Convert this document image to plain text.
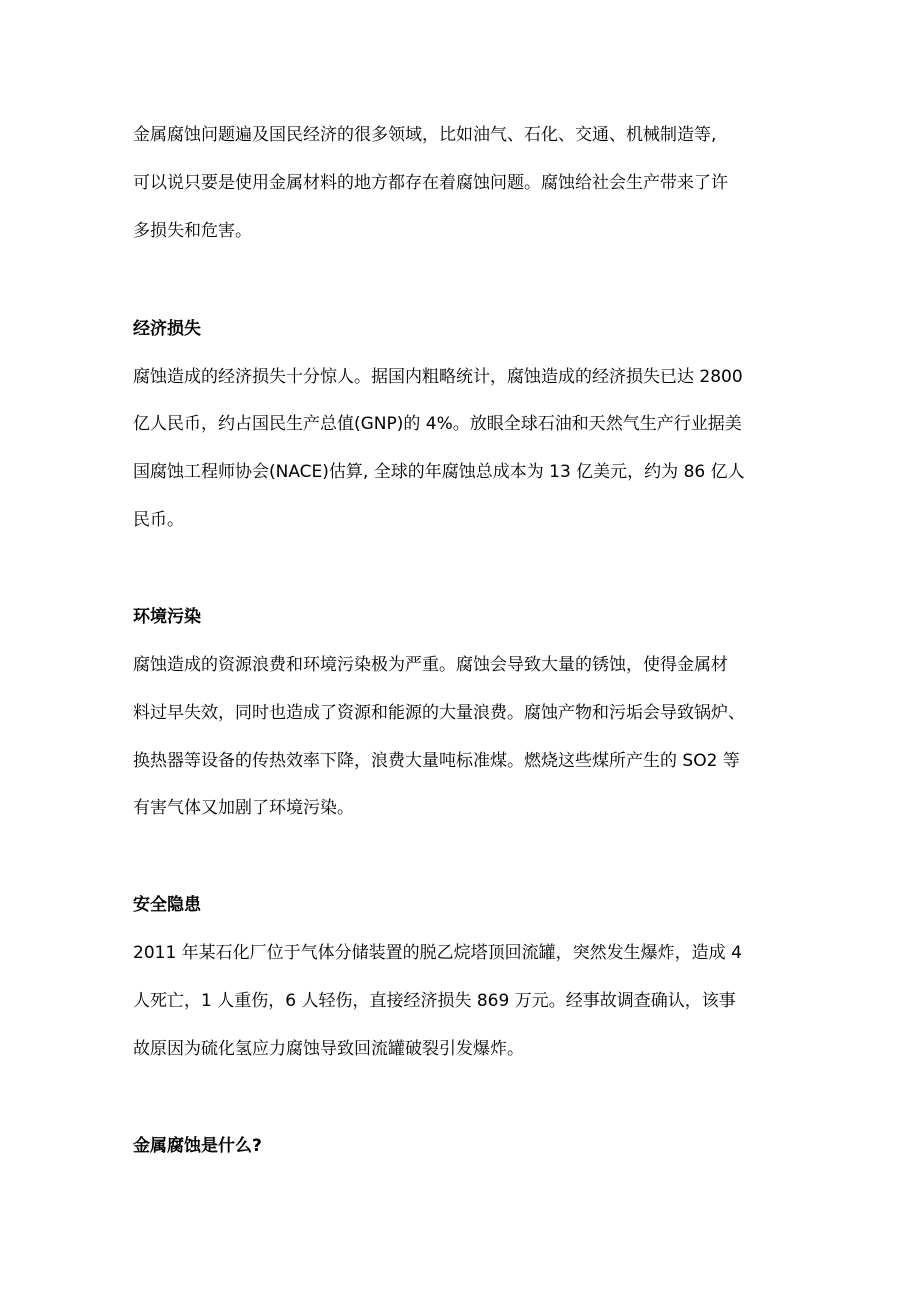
金属腐蚀问题遍及国民经济的很多领域，比如油气、石化、交通、机械制造等,
可以说只要是使用金属材料的地方都存在着腐蚀问题。腐蚀给社会生产带来了许
多损失和危害。
经济损失
腐蚀造成的经济损失十分惊人。据国内粗略统计，腐蚀造成的经济损失已达 2800
亿人民币，约占国民生产总值(GNP)的 4%。放眼全球石油和天然气生产行业据美
国腐蚀工程师协会(NACE)估算, 全球的年腐蚀总成本为 13 亿美元，约为 86 亿人
民币。
环境污染
腐蚀造成的资源浪费和环境污染极为严重。腐蚀会导致大量的锈蚀，使得金属材
料过早失效，同时也造成了资源和能源的大量浪费。腐蚀产物和污垢会导致锅炉、
换热器等设备的传热效率下降，浪费大量吨标准煤。燃烧这些煤所产生的 SO2 等
有害气体又加剧了环境污染。
安全隐患
2011 年某石化厂位于气体分储装置的脱乙烷塔顶回流罐，突然发生爆炸，造成 4
人死亡，1 人重伤，6 人轻伤，直接经济损失 869 万元。经事故调查确认，该事
故原因为硫化氢应力腐蚀导致回流罐破裂引发爆炸。
金属腐蚀是什么?
